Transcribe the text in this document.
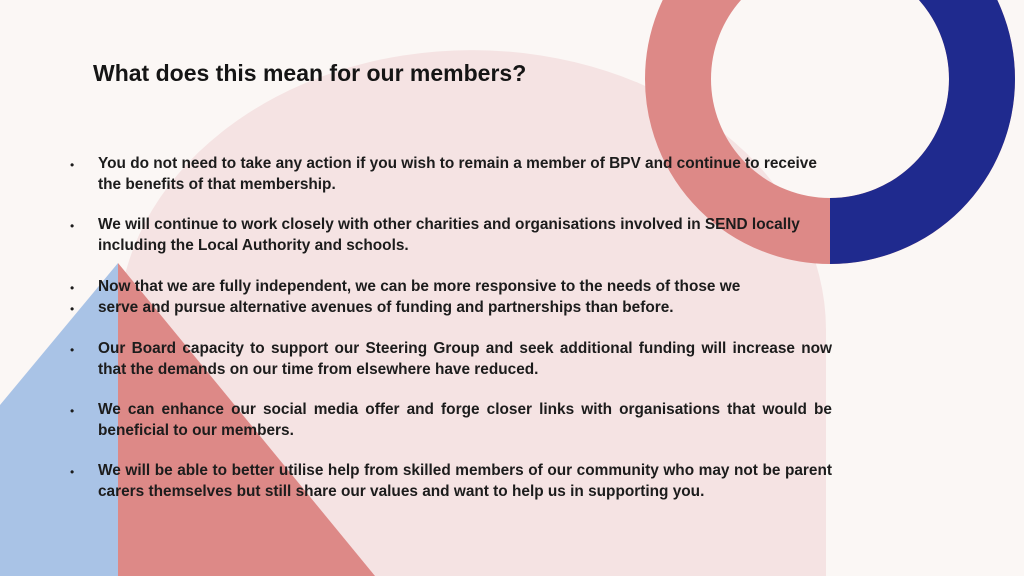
What does this mean for our members?
• You do not need to take any action if you wish to remain a member of BPV and continue to receive the benefits of that membership.
• We will continue to work closely with other charities and organisations involved in SEND locally including the Local Authority and schools.
•
•
Now that we are fully independent, we can be more responsive to the needs of those we serve and pursue alternative avenues of funding and partnerships than before.
• Our Board capacity to support our Steering Group and seek additional funding will increase now that the demands on our time from elsewhere have reduced.
• We can enhance our social media offer and forge closer links with organisations that would be beneficial to our members.
• We will be able to better utilise help from skilled members of our community who may not be parent carers themselves but still share our values and want to help us in supporting you.
